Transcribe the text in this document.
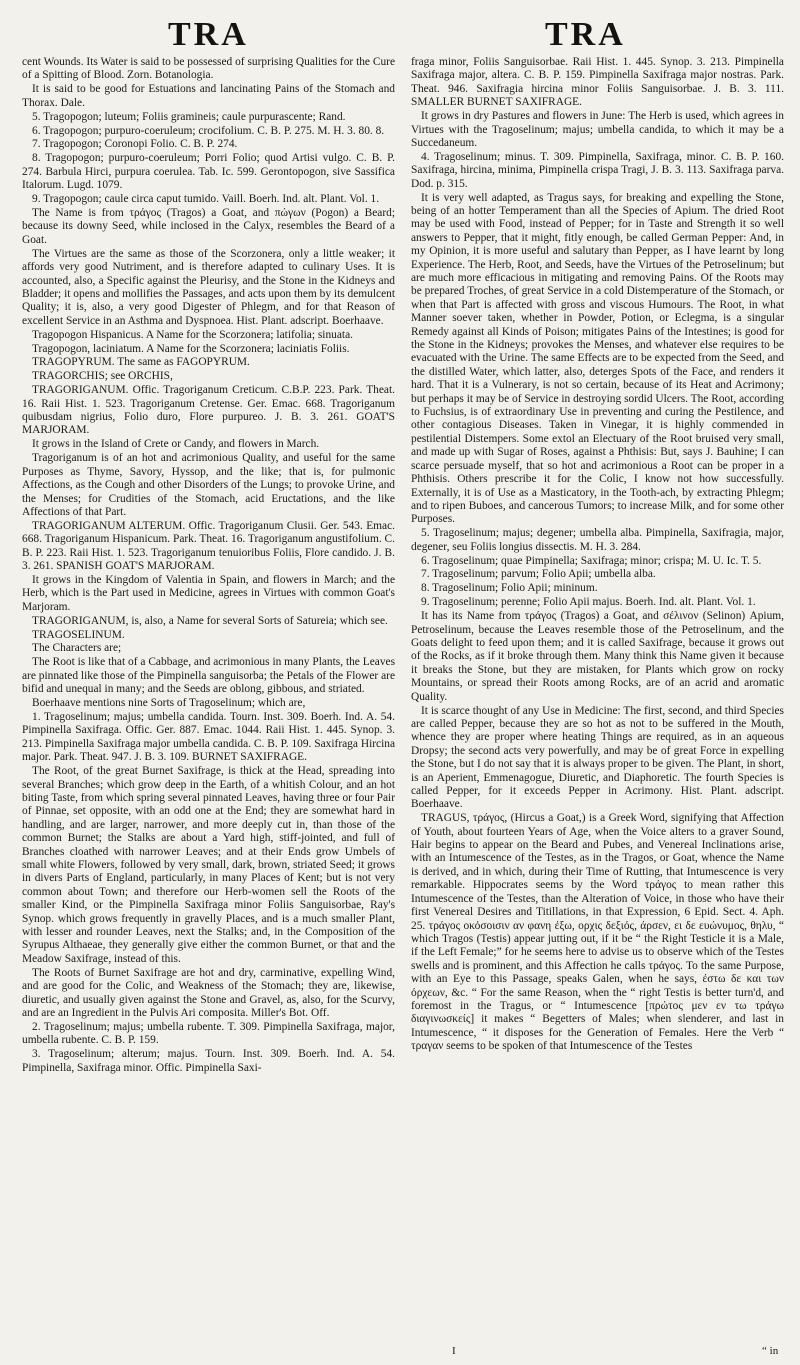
TRA	TRA

cent Wounds. Its Water is said to be possessed of surprising Qualities for the Cure of a Spitting of Blood. Zorn. Botanologia.

It is said to be good for Estuations and lancinating Pains of the Stomach and Thorax. Dale.

5. Tragopogon; luteum; Foliis gramineis; caule purpurascente; Rand.

6. Tragopogon; purpuro-coeruleum; crocifolium. C. B. P. 275. M. H. 3. 80. 8.

7. Tragopogon; Coronopi Folio. C. B. P. 274.

8. Tragopogon; purpuro-coeruleum; Porri Folio; quod Artisi vulgo. C. B. P. 274. Barbula Hirci, purpura coerulea. Tab. Ic. 599. Gerontopogon, sive Sassifica Italorum. Lugd. 1079.

9. Tragopogon; caule circa caput tumido. Vaill. Boerh. Ind. alt. Plant. Vol. 1.

The Name is from τράγος (Tragos) a Goat, and πώγων (Pogon) a Beard; because its downy Seed, while inclosed in the Calyx, resembles the Beard of a Goat.

The Virtues are the same as those of the Scorzonera, only a little weaker; it affords very good Nutriment, and is therefore adapted to culinary Uses. It is accounted, also, a Specific against the Pleurisy, and the Stone in the Kidneys and Bladder; it opens and mollifies the Passages, and acts upon them by its demulcent Quality; it is, also, a very good Digester of Phlegm, and for that Reason of excellent Service in an Asthma and Dyspnoea. Hist. Plant. adscript. Boerhaave.

Tragopogon Hispanicus. A Name for the Scorzonera; latifolia; sinuata.

Tragopogon, laciniatum. A Name for the Scorzonera; laciniatis Foliis.

TRAGOPYRUM. The same as FAGOPYRUM.

TRAGORCHIS; see ORCHIS,

TRAGORIGANUM. Offic. Tragoriganum Creticum. C.B.P. 223. Park. Theat. 16. Raii Hist. 1. 523. Tragoriganum Cretense. Ger. Emac. 668. Tragoriganum quibusdam nigrius, Folio duro, Flore purpureo. J. B. 3. 261. GOAT'S MARJORAM.

It grows in the Island of Crete or Candy, and flowers in March.

Tragoriganum is of an hot and acrimonious Quality, and useful for the same Purposes as Thyme, Savory, Hyssop, and the like; that is, for pulmonic Affections, as the Cough and other Disorders of the Lungs; to provoke Urine, and the Menses; for Crudities of the Stomach, acid Eructations, and the like Affections of that Part.

TRAGORIGANUM ALTERUM. Offic. Tragoriganum Clusii. Ger. 543. Emac. 668. Tragoriganum Hispanicum. Park. Theat. 16. Tragoriganum angustifolium. C. B. P. 223. Raii Hist. 1. 523. Tragoriganum tenuioribus Foliis, Flore candido. J. B. 3. 261. SPANISH GOAT'S MARJORAM.

It grows in the Kingdom of Valentia in Spain, and flowers in March; and the Herb, which is the Part used in Medicine, agrees in Virtues with common Goat's Marjoram.

TRAGORIGANUM, is, also, a Name for several Sorts of Satureia; which see.

TRAGOSELINUM.

The Characters are;

The Root is like that of a Cabbage, and acrimonious in many Plants, the Leaves are pinnated like those of the Pimpinella sanguisorba; the Petals of the Flower are bifid and unequal in many; and the Seeds are oblong, gibbous, and striated.

Boerhaave mentions nine Sorts of Tragoselinum; which are,

1. Tragoselinum; majus; umbella candida. Tourn. Inst. 309. Boerh. Ind. A. 54. Pimpinella Saxifraga. Offic. Ger. 887. Emac. 1044. Raii Hist. 1. 445. Synop. 3. 213. Pimpinella Saxifraga major umbella candida. C. B. P. 109. Saxifraga Hircina major. Park. Theat. 947. J. B. 3. 109. BURNET SAXIFRAGE.

The Root, of the great Burnet Saxifrage, is thick at the Head, spreading into several Branches; which grow deep in the Earth, of a whitish Colour, and an hot biting Taste, from which spring several pinnated Leaves, having three or four Pair of Pinnae, set opposite, with an odd one at the End; they are somewhat hard in handling, and are larger, narrower, and more deeply cut in, than those of the common Burnet; the Stalks are about a Yard high, stiff-jointed, and full of Branches cloathed with narrower Leaves; and at their Ends grow Umbels of small white Flowers, followed by very small, dark, brown, striated Seed; it grows in divers Parts of England, particularly, in many Places of Kent; but is not very common about Town; and therefore our Herb-women sell the Roots of the smaller Kind, or the Pimpinella Saxifraga minor Foliis Sanguisorbae, Ray's Synop. which grows frequently in gravelly Places, and is a much smaller Plant, with lesser and rounder Leaves, next the Stalks; and, in the Composition of the Syrupus Althaeae, they generally give either the common Burnet, or that and the Meadow Saxifrage, instead of this.

The Roots of Burnet Saxifrage are hot and dry, carminative, expelling Wind, and are good for the Colic, and Weakness of the Stomach; they are, likewise, diuretic, and usually given against the Stone and Gravel, as, also, for the Scurvy, and are an Ingredient in the Pulvis Ari composita. Miller's Bot. Off.

2. Tragoselinum; majus; umbella rubente. T. 309. Pimpinella Saxifraga, major, umbella rubente. C. B. P. 159.

3. Tragoselinum; alterum; majus. Tourn. Inst. 309. Boerh. Ind. A. 54. Pimpinella, Saxifraga minor. Offic. Pimpinella Saxi-

fraga minor, Foliis Sanguisorbae. Raii Hist. 1. 445. Synop. 3. 213. Pimpinella Saxifraga major, altera. C. B. P. 159. Pimpinella Saxifraga major nostras. Park. Theat. 946. Saxifragia hircina minor Foliis Sanguisorbae. J. B. 3. 111. SMALLER BURNET SAXIFRAGE.

It grows in dry Pastures and flowers in June: The Herb is used, which agrees in Virtues with the Tragoselinum; majus; umbella candida, to which it may be a Succedaneum.

4. Tragoselinum; minus. T. 309. Pimpinella, Saxifraga, minor. C. B. P. 160. Saxifraga, hircina, minima, Pimpinella crispa Tragi, J. B. 3. 113. Saxifraga parva. Dod. p. 315.

It is very well adapted, as Tragus says, for breaking and expelling the Stone, being of an hotter Temperament than all the Species of Apium. The dried Root may be used with Food, instead of Pepper; for in Taste and Strength it so well answers to Pepper, that it might, fitly enough, be called German Pepper: And, in my Opinion, it is more useful and salutary than Pepper, as I have learnt by long Experience. The Herb, Root, and Seeds, have the Virtues of the Petroselinum; but are much more efficacious in mitigating and removing Pains. Of the Roots may be prepared Troches, of great Service in a cold Distemperature of the Stomach, or when that Part is affected with gross and viscous Humours. The Root, in what Manner soever taken, whether in Powder, Potion, or Eclegma, is a singular Remedy against all Kinds of Poison; mitigates Pains of the Intestines; is good for the Stone in the Kidneys; provokes the Menses, and whatever else requires to be evacuated with the Urine. The same Effects are to be expected from the Seed, and the distilled Water, which latter, also, deterges Spots of the Face, and renders it hard. That it is a Vulnerary, is not so certain, because of its Heat and Acrimony; but perhaps it may be of Service in destroying sordid Ulcers. The Root, according to Fuchsius, is of extraordinary Use in preventing and curing the Pestilence, and other contagious Diseases. Taken in Vinegar, it is highly commended in pestilential Distempers. Some extol an Electuary of the Root bruised very small, and made up with Sugar of Roses, against a Phthisis: But, says J. Bauhine; I can scarce persuade myself, that so hot and acrimonious a Root can be proper in a Phthisis. Others prescribe it for the Colic, I know not how successfully. Externally, it is of Use as a Masticatory, in the Tooth-ach, by extracting Phlegm; and to ripen Buboes, and cancerous Tumors; to increase Milk, and for some other Purposes.

5. Tragoselinum; majus; degener; umbella alba. Pimpinella, Saxifragia, major, degener, seu Foliis longius dissectis. M. H. 3. 284.

6. Tragoselinum; quae Pimpinella; Saxifraga; minor; crispa; M. U. Ic. T. 5.

7. Tragoselinum; parvum; Folio Apii; umbella alba.

8. Tragoselinum; Folio Apii; mininum.

9. Tragoselinum; perenne; Folio Apii majus. Boerh. Ind. alt. Plant. Vol. 1.

It has its Name from τράγος (Tragos) a Goat, and σέλινον (Selinon) Apium, Petroselinum, because the Leaves resemble those of the Petroselinum, and the Goats delight to feed upon them; and it is called Saxifrage, because it grows out of the Rocks, as if it broke through them. Many think this Name given it because it breaks the Stone, but they are mistaken, for Plants which grow on rocky Mountains, or spread their Roots among Rocks, are of an acrid and aromatic Quality.

It is scarce thought of any Use in Medicine: The first, second, and third Species are called Pepper, because they are so hot as not to be suffered in the Mouth, whence they are proper where heating Things are required, as in an aqueous Dropsy; the second acts very powerfully, and may be of great Force in expelling the Stone, but I do not say that it is always proper to be given. The Plant, in short, is an Aperient, Emmenagogue, Diuretic, and Diaphoretic. The fourth Species is called Pepper, for it exceeds Pepper in Acrimony. Hist. Plant. adscript. Boerhaave.

TRAGUS, τράγος, (Hircus a Goat,) is a Greek Word, signifying that Affection of Youth, about fourteen Years of Age, when the Voice alters to a graver Sound, Hair begins to appear on the Beard and Pubes, and Venereal Inclinations arise, with an Intumescence of the Testes, as in the Tragos, or Goat, whence the Name is derived, and in which, during their Time of Rutting, that Intumescence is very remarkable. Hippocrates seems by the Word τράγος to mean rather this Intumescence of the Testes, than the Alteration of Voice, in those who have their first Venereal Desires and Titillations, in that Expression, 6 Epid. Sect. 4. Aph. 25. τράγος οκόσοισιν αν φανη έξω, ορχις δεξιός, άρσεν, ει δε ευώνυμος, θηλυ, “ which Tragos (Testis) appear jutting out, if it be “ the Right Testicle it is a Male, if the Left Female;” for he seems here to advise us to observe which of the Testes swells and is prominent, and this Affection he calls τράγος. To the same Purpose, with an Eye to this Passage, speaks Galen, when he says, έστω δε και των όρχεων, &c. “ For the same Reason, when the “ right Testis is better turn'd, and foremost in the Tragus, or “ Intumescence [πρώτος μεν εν τω τράγω διαγινωσκείς] it makes “ Begetters of Males; when slenderer, and last in Intumescence, “ it disposes for the Generation of Females. Here the Verb “ τραγαν seems to be spoken of that Intumescence of the Testes

I	“ in
